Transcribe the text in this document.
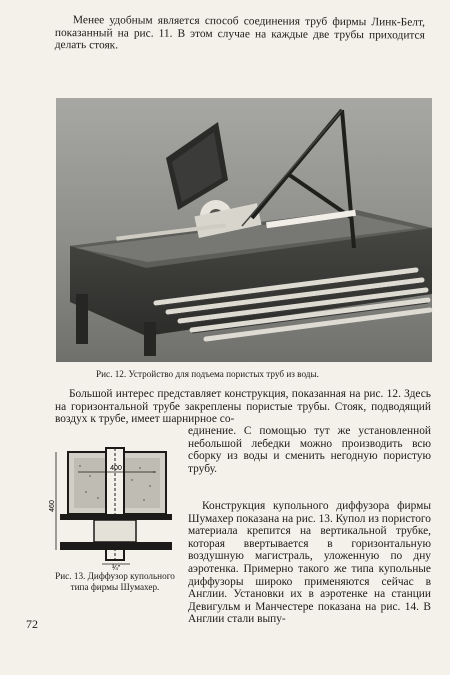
Менее удобным является способ соединения труб фирмы Линк-Белт, показанный на рис. 11. В этом случае на каждые две трубы приходится делать стояк.

Рис. 12. Устройство для подъема пористых труб из воды.

Большой интерес представляет конструкция, показанная на рис. 12. Здесь на горизонтальной трубе закреплены пористые трубы. Стояк, подводящий воздух к трубе, имеет шарнирное со-

единение. С помощью тут же установленной небольшой лебедки можно производить всю сборку из воды и сменить негодную пористую трубу.

460
400
¾"

Рис. 13. Диффузор купольного типа фирмы Шумахер.

Конструкция купольного диффузора фирмы Шумахер показана на рис. 13. Купол из пористого материала крепится на вертикальной трубке, которая ввертывается в горизонтальную воздушную магистраль, уложенную по дну аэротенка. Примерно такого же типа купольные диффузоры широко применяются сейчас в Англии. Установки их в аэротенке на станции Девигульм и Манчестере показана на рис. 14. В Англии стали выпу-

72
